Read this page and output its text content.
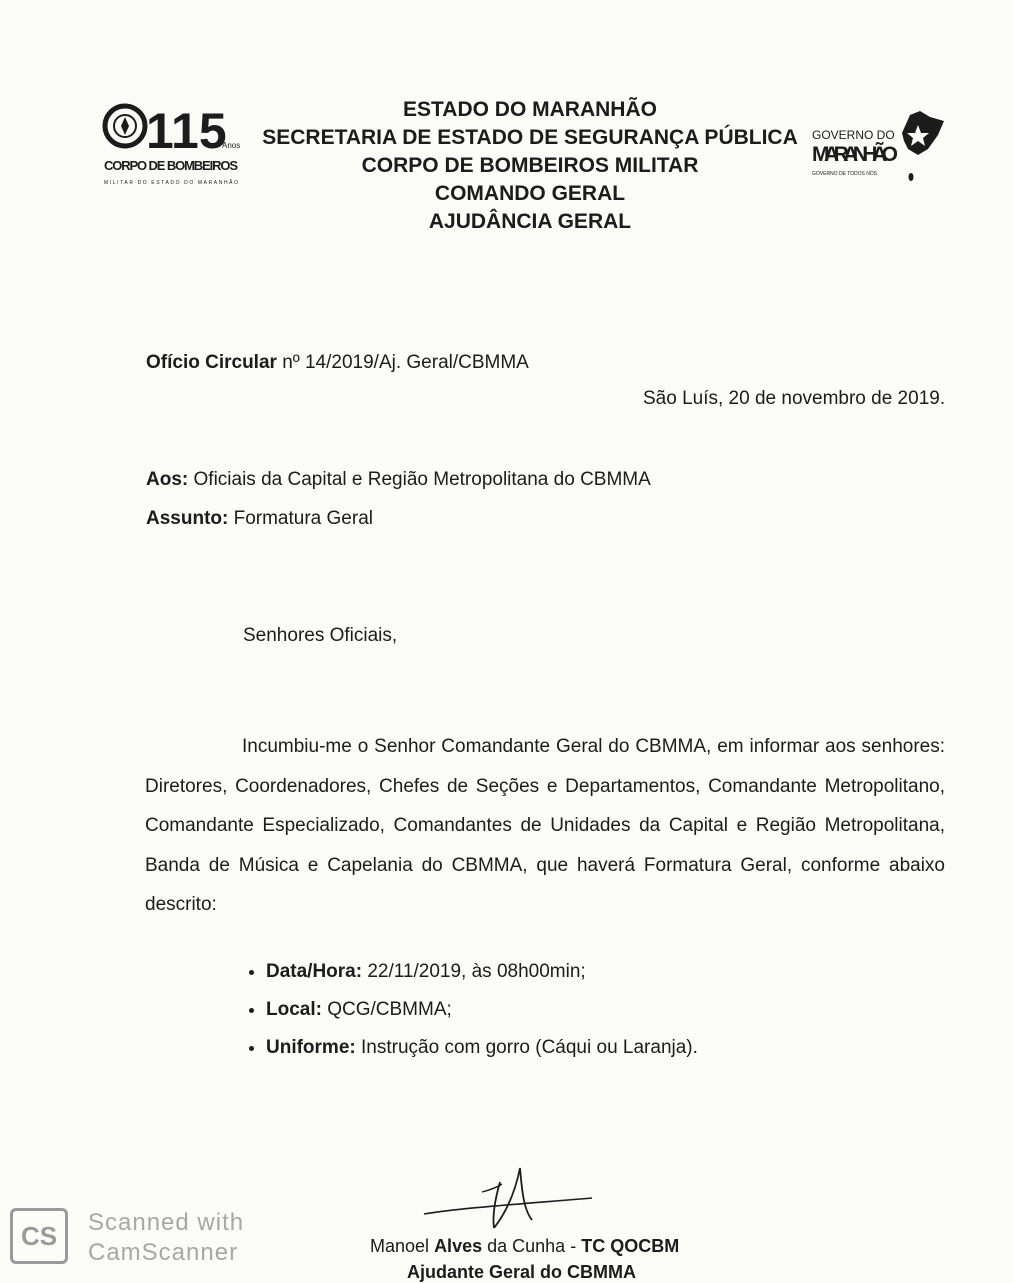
115
Anos
CORPO DE BOMBEIROS
MILITAR DO ESTADO DO MARANHÃO
ESTADO DO MARANHÃO
SECRETARIA DE ESTADO DE SEGURANÇA PÚBLICA
CORPO DE BOMBEIROS MILITAR
COMANDO GERAL
AJUDÂNCIA GERAL
GOVERNO DO
MARANHÃO
GOVERNO DE TODOS NÓS
Ofício Circular nº 14/2019/Aj. Geral/CBMMA
São Luís, 20 de novembro de 2019.
Aos: Oficiais da Capital e Região Metropolitana do CBMMA
Assunto: Formatura Geral
Senhores Oficiais,

Incumbiu-me o Senhor Comandante Geral do CBMMA, em informar aos senhores: Diretores, Coordenadores, Chefes de Seções e Departamentos, Comandante Metropolitano, Comandante Especializado, Comandantes de Unidades da Capital e Região Metropolitana, Banda de Música e Capelania do CBMMA, que haverá Formatura Geral, conforme abaixo descrito:

• Data/Hora: 22/11/2019, às 08h00min;
• Local: QCG/CBMMA;
• Uniforme: Instrução com gorro (Cáqui ou Laranja).
Manoel Alves da Cunha - TC QOCBM
Ajudante Geral do CBMMA
CS	Scanned with
CamScanner
